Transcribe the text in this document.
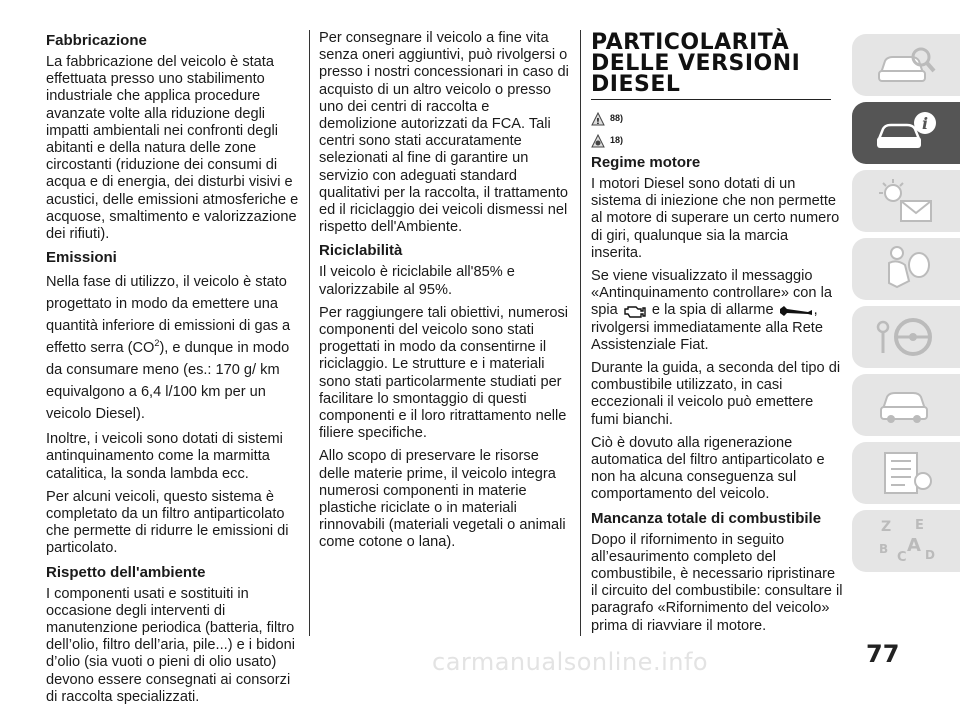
Fabbricazione

La fabbricazione del veicolo è stata effettuata presso uno stabilimento industriale che applica procedure avanzate volte alla riduzione degli impatti ambientali nei confronti degli abitanti e della natura delle zone circostanti (riduzione dei consumi di acqua e di energia, dei disturbi visivi e acustici, delle emissioni atmosferiche e acquose, smaltimento e valorizzazione dei rifiuti).

Emissioni

Nella fase di utilizzo, il veicolo è stato progettato in modo da emettere una quantità inferiore di emissioni di gas a effetto serra $(CO^2)$, e dunque in modo da consumare meno (es.: 170 g/ km equivalgono a 6,4 l/100 km per un veicolo Diesel).

Inoltre, i veicoli sono dotati di sistemi antinquinamento come la marmitta catalitica, la sonda lambda ecc.

Per alcuni veicoli, questo sistema è completato da un filtro antiparticolato che permette di ridurre le emissioni di particolato.

Rispetto dell'ambiente

I componenti usati e sostituiti in occasione degli interventi di manutenzione periodica (batteria, filtro dell’olio, filtro dell’aria, pile...) e i bidoni d’olio (sia vuoti o pieni di olio usato) devono essere consegnati ai consorzi di raccolta specializzati.

Per consegnare il veicolo a fine vita senza oneri aggiuntivi, può rivolgersi o presso i nostri concessionari in caso di acquisto di un altro veicolo o presso uno dei centri di raccolta e demolizione autorizzati da FCA. Tali centri sono stati accuratamente selezionati al fine di garantire un servizio con adeguati standard qualitativi per la raccolta, il trattamento ed il riciclaggio dei veicoli dismessi nel rispetto dell'Ambiente.

Riciclabilità

Il veicolo è riciclabile all'85% e valorizzabile al 95%.

Per raggiungere tali obiettivi, numerosi componenti del veicolo sono stati progettati in modo da consentirne il riciclaggio. Le strutture e i materiali sono stati particolarmente studiati per facilitare lo smontaggio di questi componenti e il loro ritrattamento nelle filiere specifiche.

Allo scopo di preservare le risorse delle materie prime, il veicolo integra numerosi componenti in materie plastiche riciclate o in materiali rinnovabili (materiali vegetali o animali come cotone o lana).

PARTICOLARITÀ
DELLE VERSIONI
DIESEL
! 88)
18)
Regime motore

I motori Diesel sono dotati di un sistema di iniezione che non permette al motore di superare un certo numero di giri, qualunque sia la marcia inserita.

Se viene visualizzato il messaggio «Antinquinamento controllare» con la spia e la spia di allarme	, rivolgersi immediatamente alla Rete Assistenziale Fiat.

Durante la guida, a seconda del tipo di combustibile utilizzato, in casi eccezionali il veicolo può emettere fumi bianchi.

Ciò è dovuto alla rigenerazione automatica del filtro antiparticolato e non ha alcuna conseguenza sul comportamento del veicolo.

Mancanza totale di combustibile

Dopo il rifornimento in seguito all’esaurimento completo del combustibile, è necessario ripristinare il circuito del combustibile: consultare il paragrafo «Rifornimento del veicolo» prima di riavviare il motore.

i
Z E
B
C
A D
77
carmanualsonline.info
